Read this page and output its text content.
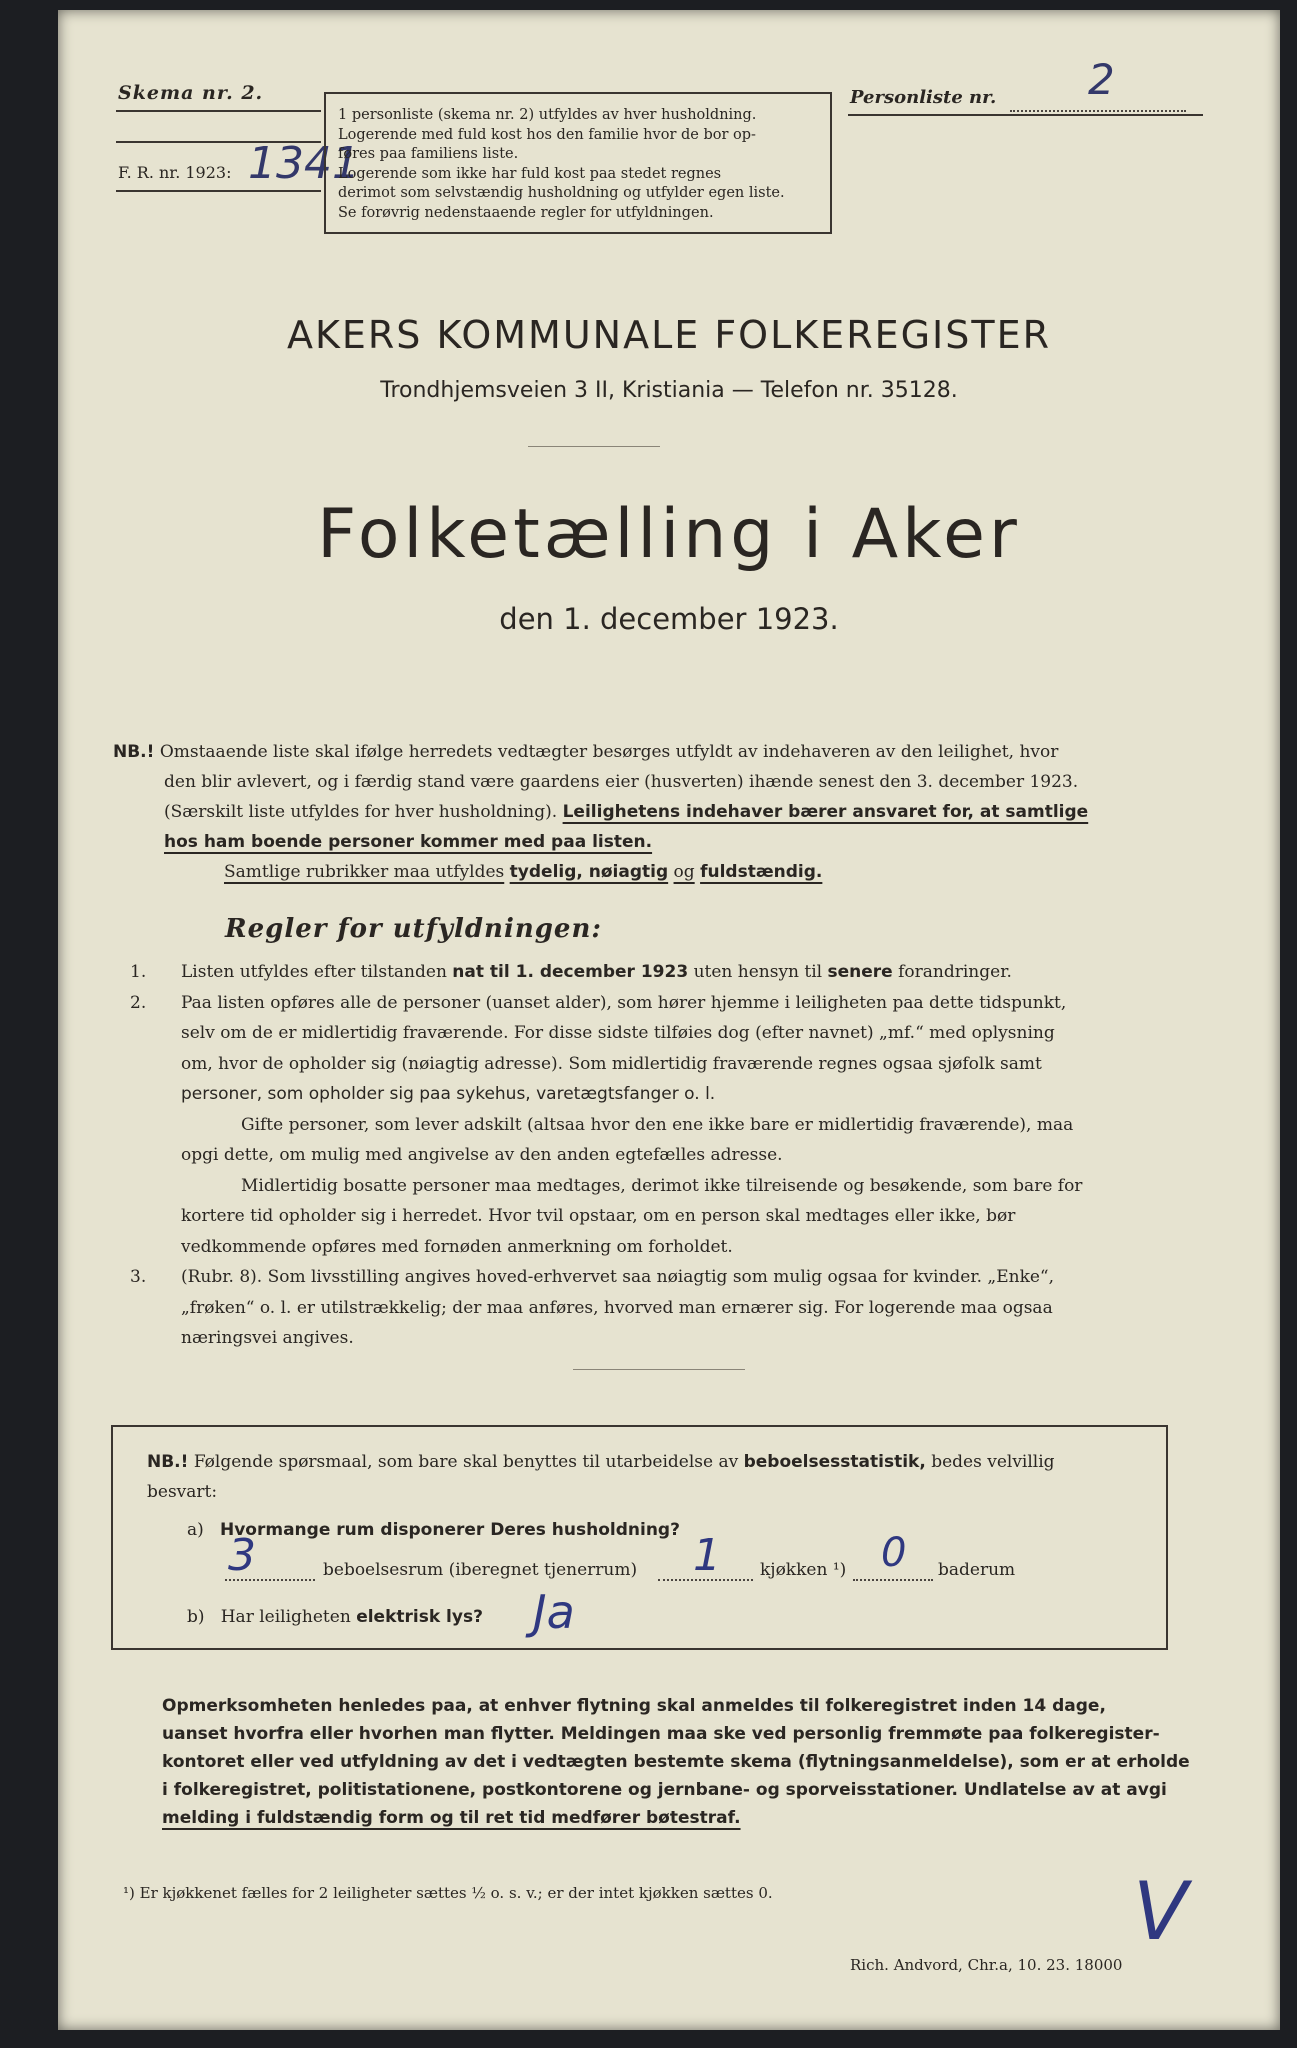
Skema nr. 2.
F. R. nr. 1923: 1341
1 personliste (skema nr. 2) utfyldes av hver husholdning.
Logerende med fuld kost hos den familie hvor de bor op-
føres paa familiens liste.
Logerende som ikke har fuld kost paa stedet regnes
derimot som selvstændig husholdning og utfylder egen liste.
Se forøvrig nedenstaaende regler for utfyldningen.
Personliste nr. 2
AKERS KOMMUNALE FOLKEREGISTER
Trondhjemsveien 3 II, Kristiania — Telefon nr. 35128.
Folketælling i Aker
den 1. december 1923.
NB.! Omstaaende liste skal ifølge herredets vedtægter besørges utfyldt av indehaveren av den leilighet, hvor
den blir avlevert, og i færdig stand være gaardens eier (husverten) ihænde senest den 3. december 1923.
(Særskilt liste utfyldes for hver husholdning). Leilighetens indehaver bærer ansvaret for, at samtlige
hos ham boende personer kommer med paa listen.
Samtlige rubrikker maa utfyldes tydelig, nøiagtig og fuldstændig.
Regler for utfyldningen:
1. Listen utfyldes efter tilstanden nat til 1. december 1923 uten hensyn til senere forandringer.
2. Paa listen opføres alle de personer (uanset alder), som hører hjemme i leiligheten paa dette tidspunkt,
selv om de er midlertidig fraværende. For disse sidste tilføies dog (efter navnet) „mf.“ med oplysning
om, hvor de opholder sig (nøiagtig adresse). Som midlertidig fraværende regnes ogsaa sjøfolk samt
personer, som opholder sig paa sykehus, varetægtsfanger o. l.
Gifte personer, som lever adskilt (altsaa hvor den ene ikke bare er midlertidig fraværende), maa
opgi dette, om mulig med angivelse av den anden egtefælles adresse.
Midlertidig bosatte personer maa medtages, derimot ikke tilreisende og besøkende, som bare for
kortere tid opholder sig i herredet. Hvor tvil opstaar, om en person skal medtages eller ikke, bør
vedkommende opføres med fornøden anmerkning om forholdet.
3. (Rubr. 8). Som livsstilling angives hoved-erhvervet saa nøiagtig som mulig ogsaa for kvinder. „Enke“,
„frøken“ o. l. er utilstrækkelig; der maa anføres, hvorved man ernærer sig. For logerende maa ogsaa
næringsvei angives.
NB.! Følgende spørsmaal, som bare skal benyttes til utarbeidelse av beboelsesstatistik, bedes velvillig
besvart:
a) Hvormange rum disponerer Deres husholdning?
3	beboelsesrum (iberegnet tjenerrum) 1 kjøkken ¹) 0 baderum
b) Har leiligheten elektrisk lys? Ja
Opmerksomheten henledes paa, at enhver flytning skal anmeldes til folkeregistret inden 14 dage,
uanset hvorfra eller hvorhen man flytter. Meldingen maa ske ved personlig fremmøte paa folkeregister-
kontoret eller ved utfyldning av det i vedtægten bestemte skema (flytningsanmeldelse), som er at erholde
i folkeregistret, politistationene, postkontorene og jernbane- og sporveisstationer. Undlatelse av at avgi
melding i fuldstændig form og til ret tid medfører bøtestraf.
¹) Er kjøkkenet fælles for 2 leiligheter sættes ½ o. s. v.; er der intet kjøkken sættes 0.
Rich. Andvord, Chr.a, 10. 23. 18000
V
